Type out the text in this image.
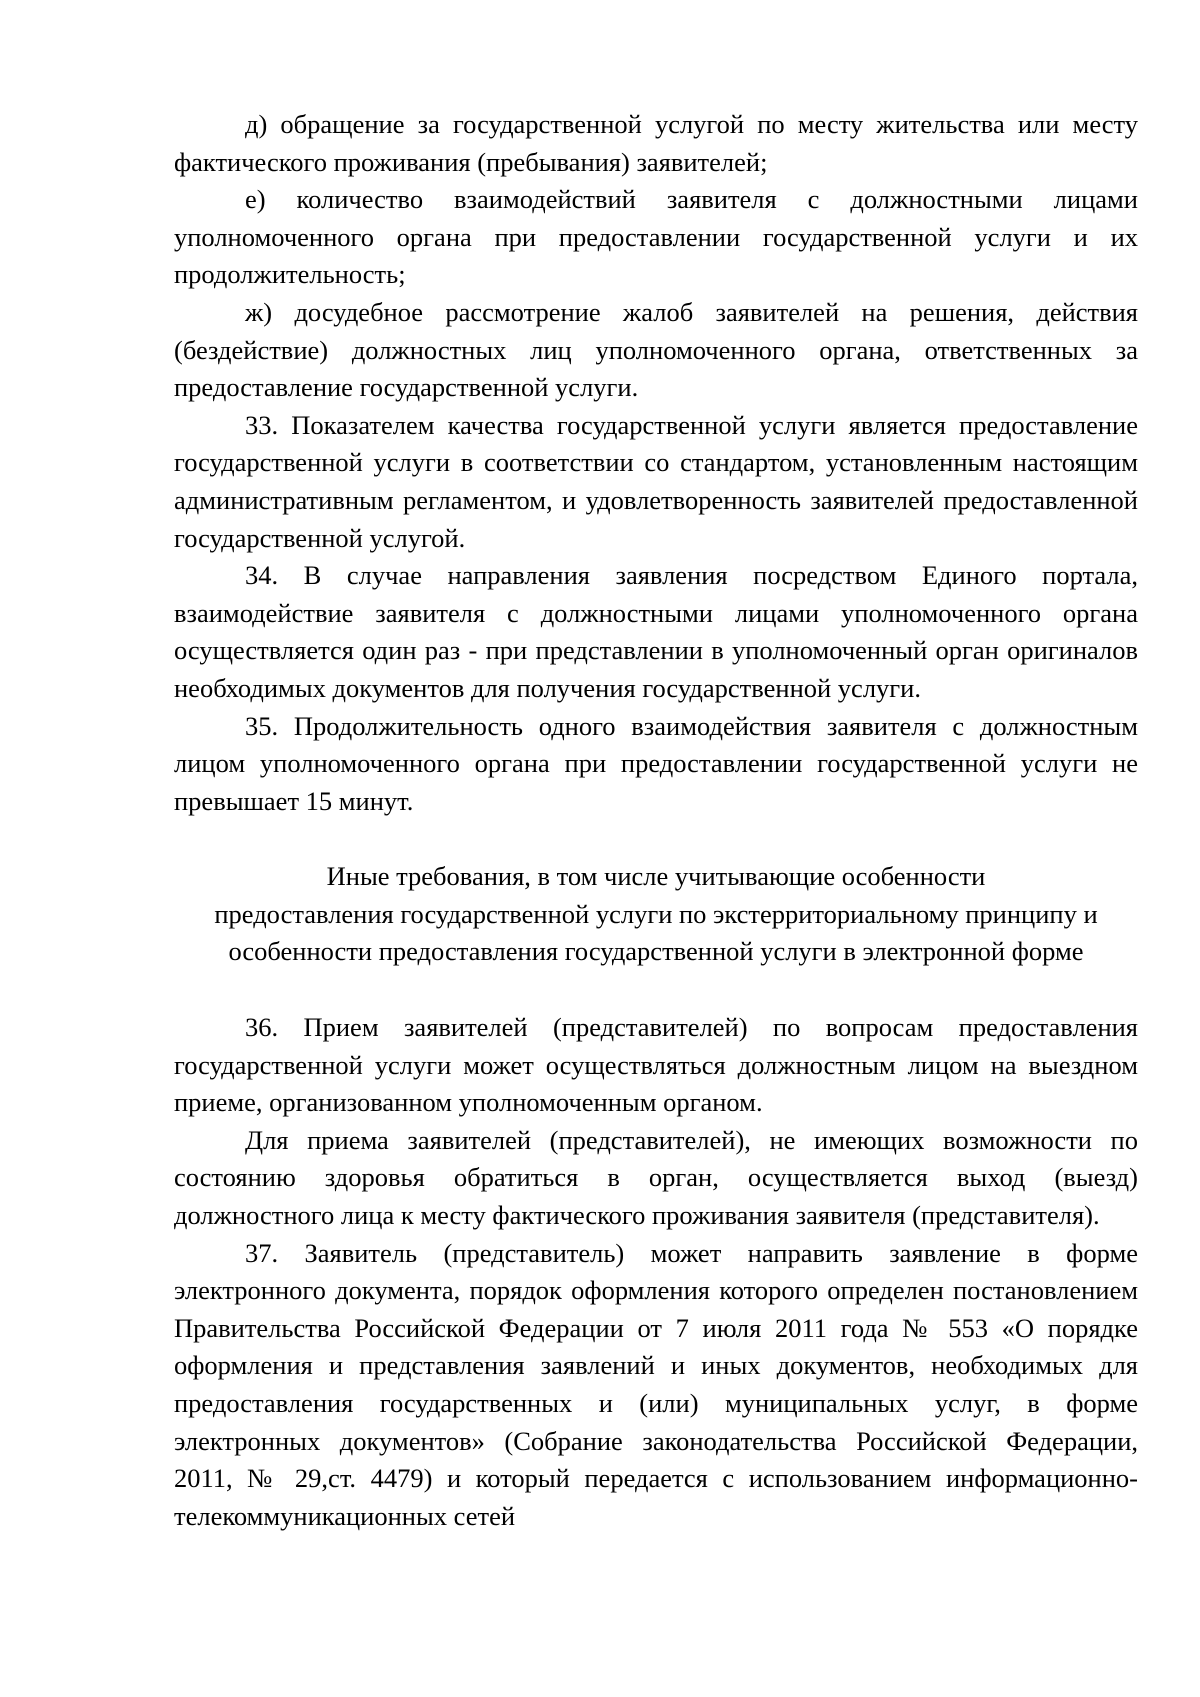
д) обращение за государственной услугой по месту жительства или месту фактического проживания (пребывания) заявителей;

е) количество взаимодействий заявителя с должностными лицами уполномоченного органа при предоставлении государственной услуги и их продолжительность;

ж) досудебное рассмотрение жалоб заявителей на решения, действия (бездействие) должностных лиц уполномоченного органа, ответственных за предоставление государственной услуги.

33. Показателем качества государственной услуги является предоставление государственной услуги в соответствии со стандартом, установленным настоящим административным регламентом, и удовлетворенность заявителей предоставленной государственной услугой.

34. В случае направления заявления посредством Единого портала, взаимодействие заявителя с должностными лицами уполномоченного органа осуществляется один раз - при представлении в уполномоченный орган оригиналов необходимых документов для получения государственной услуги.

35. Продолжительность одного взаимодействия заявителя с должностным лицом уполномоченного органа при предоставлении государственной услуги не превышает 15 минут.

Иные требования, в том числе учитывающие особенности
предоставления государственной услуги по экстерриториальному принципу и
особенности предоставления государственной услуги в электронной форме

36. Прием заявителей (представителей) по вопросам предоставления государственной услуги может осуществляться должностным лицом на выездном приеме, организованном уполномоченным органом.

Для приема заявителей (представителей), не имеющих возможности по состоянию здоровья обратиться в орган, осуществляется выход (выезд) должностного лица к месту фактического проживания заявителя (представителя).

37. Заявитель (представитель) может направить заявление в форме электронного документа, порядок оформления которого определен постановлением Правительства Российской Федерации от 7 июля 2011 года № 553 «О порядке оформления и представления заявлений и иных документов, необходимых для предоставления государственных и (или) муниципальных услуг, в форме электронных документов» (Собрание законодательства Российской Федерации, 2011, № 29,ст. 4479) и который передается с использованием информационно-телекоммуникационных сетей
